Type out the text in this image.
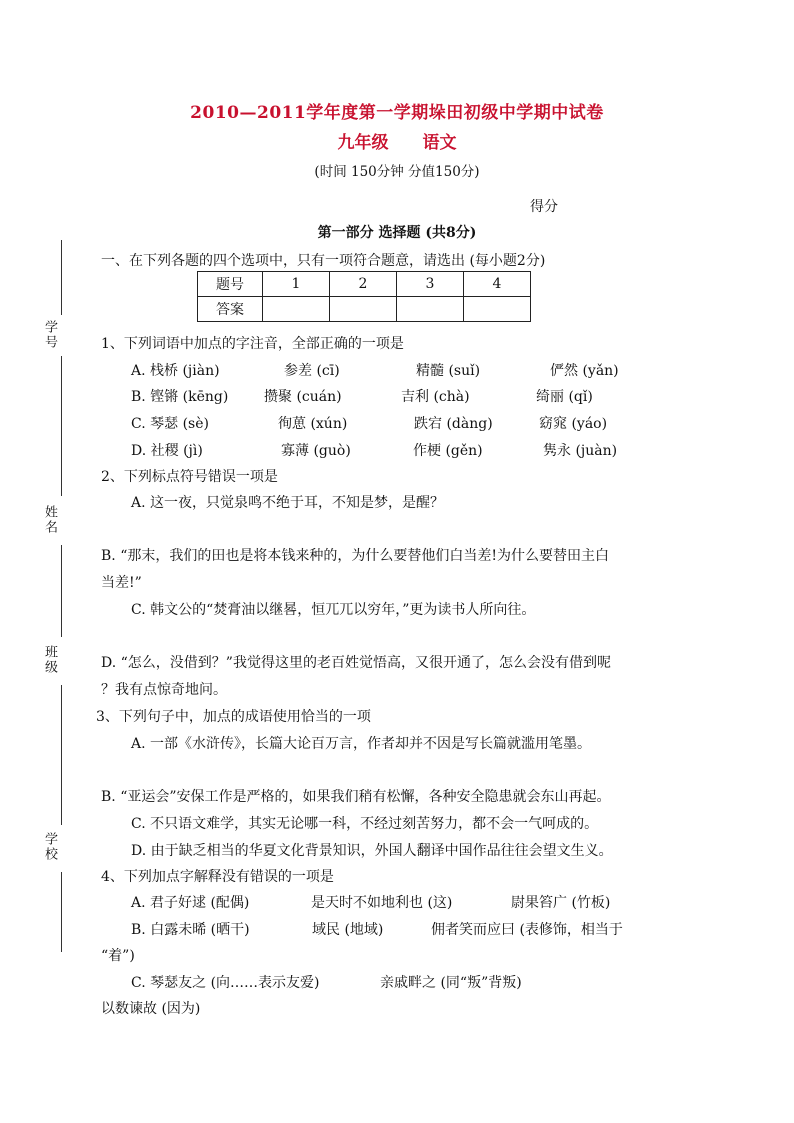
2010—2011学年度第一学期垛田初级中学期中试卷
九年级 语文
(时间 150分钟 分值150分)
得分
第一部分 选择题 (共8分)
学号
姓名
班级
学校
一、在下列各题的四个选项中，只有一项符合题意，请选出 (每小题2分)
题号	1	2	3	4
答案				
1、下列词语中加点的字注音，全部正确的一项是
A. 栈桥 (jiàn)	参差 (cī)	精髓 (suǐ)	俨然 (yǎn)
B. 铿锵 (kēng)	攒聚 (cuán)	吉利 (chà)	绮丽 (qǐ)
C. 琴瑟 (sè)	徇葸 (xún)	跌宕 (dàng)	窈窕 (yáo)
D. 社稷 (jì)	寡薄 (guò)	作梗 (gěn)	隽永 (juàn)
2、下列标点符号错误一项是
A. 这一夜，只觉泉鸣不绝于耳，不知是梦，是醒？
B. “那末，我们的田也是将本钱来种的，为什么要替他们白当差!为什么要替田主白
当差!”
C. 韩文公的“焚膏油以继晷，恒兀兀以穷年，”更为读书人所向往。
D. “怎么，没借到？”我觉得这里的老百姓觉悟高，又很开通了，怎么会没有借到呢
？我有点惊奇地问。
3、下列句子中，加点的成语使用恰当的一项
A. 一部《水浒传》，长篇大论百万言，作者却并不因是写长篇就滥用笔墨。
B. “亚运会”安保工作是严格的，如果我们稍有松懈，各种安全隐患就会东山再起。
C. 不只语文难学，其实无论哪一科，不经过刻苦努力，都不会一气呵成的。
D. 由于缺乏相当的华夏文化背景知识，外国人翻译中国作品往往会望文生义。
4、下列加点字解释没有错误的一项是
A. 君子好逑 (配偶)	是天时不如地利也 (这)	尉果笞广 (竹板)
B. 白露未晞 (晒干)	域民 (地域)	佣者笑而应曰 (表修饰，相当于
“着”)
C. 琴瑟友之 (向……表示友爱)	亲戚畔之 (同“叛”背叛)
以数谏故 (因为)
